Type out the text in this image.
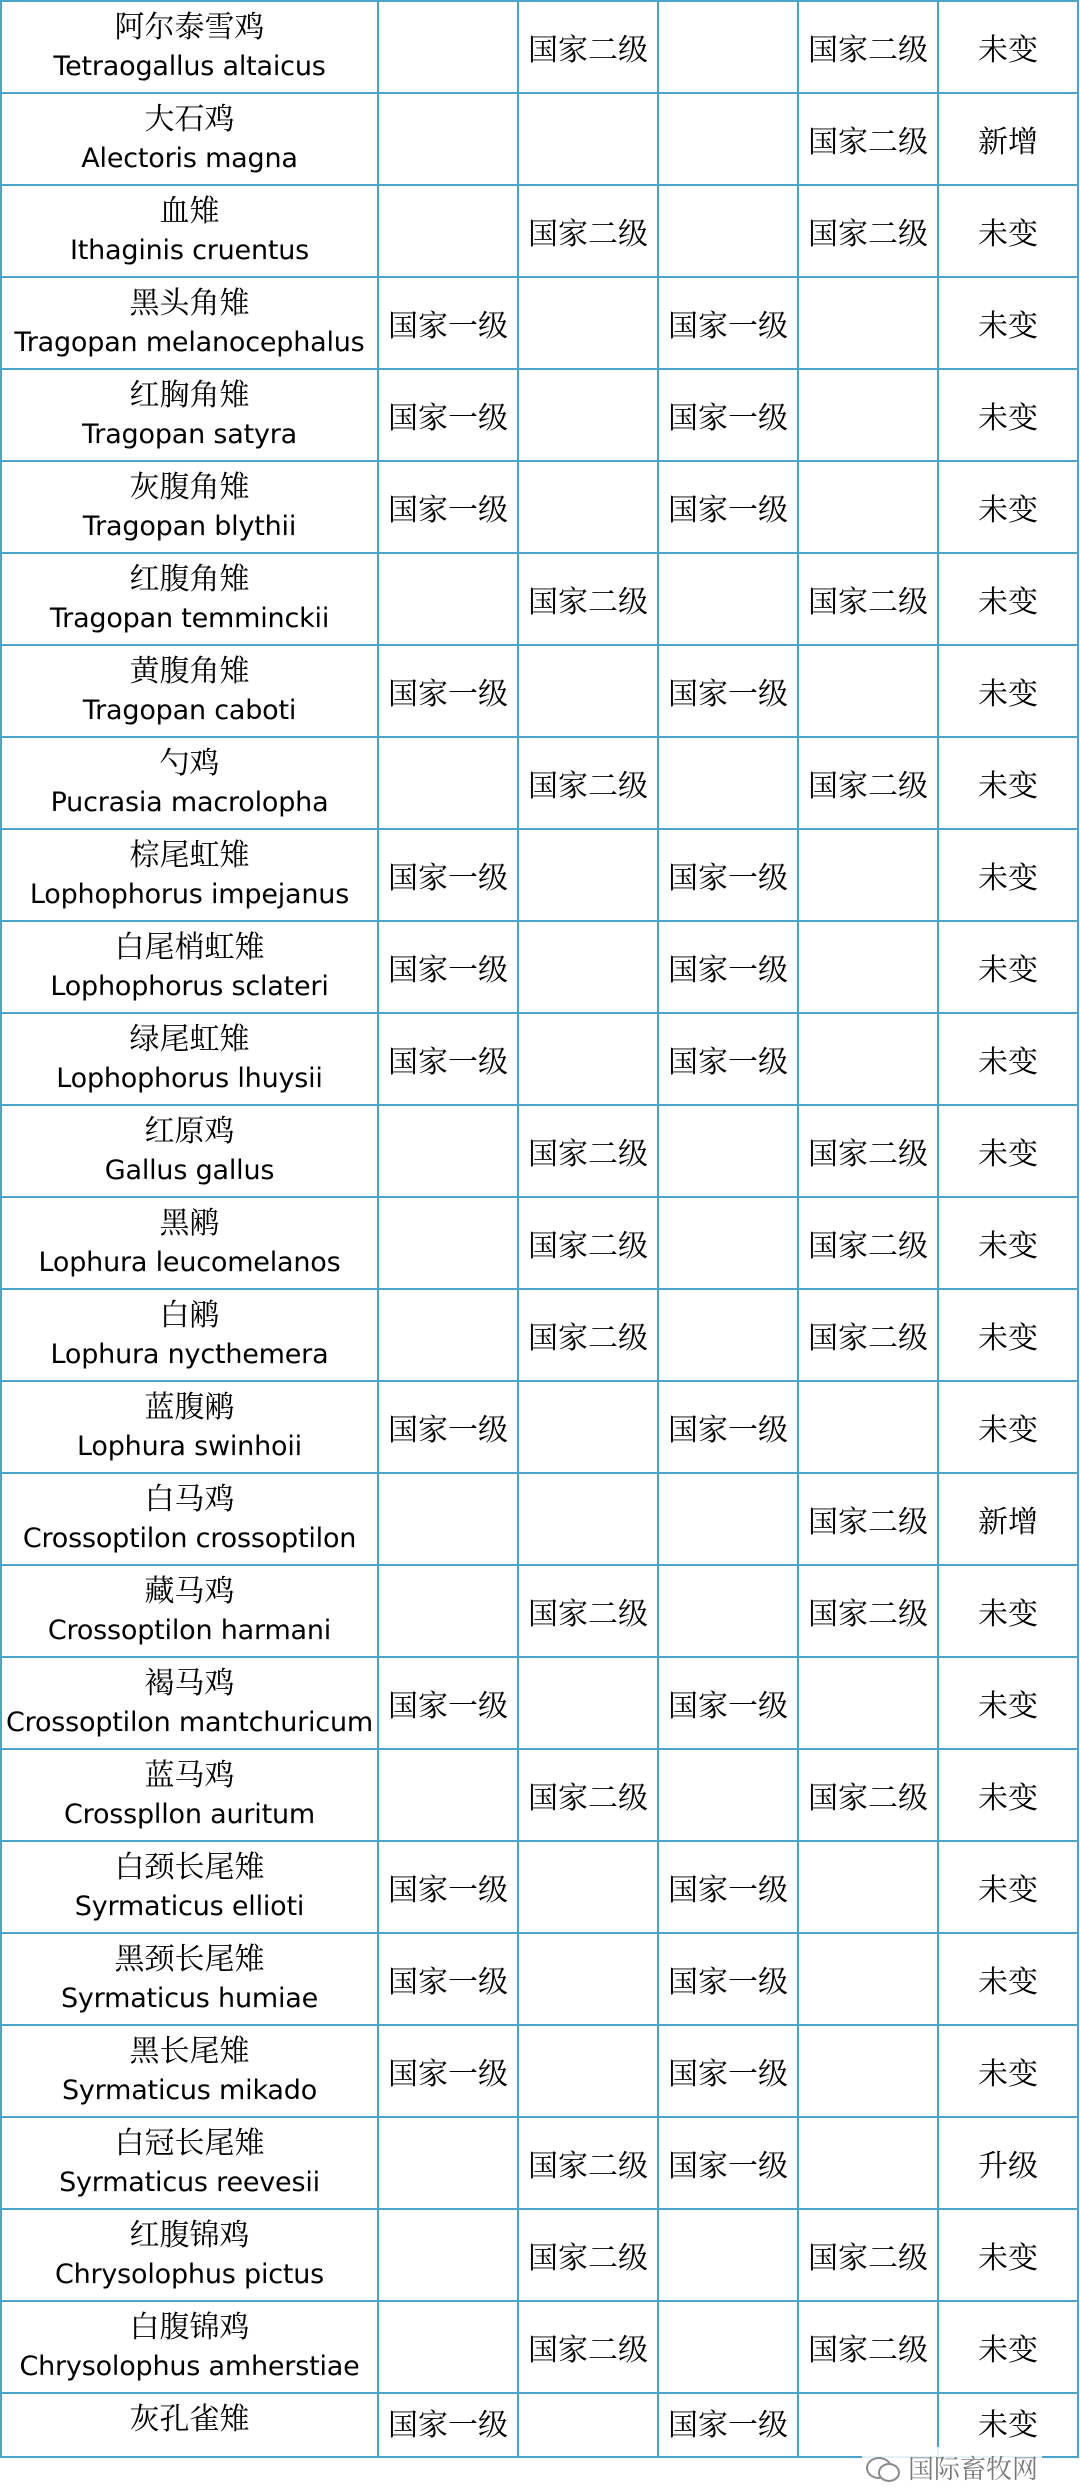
阿尔泰雪鸡
Tetraogallus altaicus		国家二级		国家二级	未变

大石鸡
Alectoris magna				国家二级	新增

血雉
Ithaginis cruentus		国家二级		国家二级	未变

黑头角雉
Tragopan melanocephalus	国家一级		国家一级		未变

红胸角雉
Tragopan satyra	国家一级		国家一级		未变

灰腹角雉
Tragopan blythii	国家一级		国家一级		未变

红腹角雉
Tragopan temminckii		国家二级		国家二级	未变

黄腹角雉
Tragopan caboti	国家一级		国家一级		未变

勺鸡
Pucrasia macrolopha		国家二级		国家二级	未变

棕尾虹雉
Lophophorus impejanus	国家一级		国家一级		未变

白尾梢虹雉
Lophophorus sclateri	国家一级		国家一级		未变

绿尾虹雉
Lophophorus lhuysii	国家一级		国家一级		未变

红原鸡
Gallus gallus		国家二级		国家二级	未变

黑鹇
Lophura leucomelanos		国家二级		国家二级	未变

白鹇
Lophura nycthemera		国家二级		国家二级	未变

蓝腹鹇
Lophura swinhoii	国家一级		国家一级		未变

白马鸡
Crossoptilon crossoptilon				国家二级	新增

藏马鸡
Crossoptilon harmani		国家二级		国家二级	未变

褐马鸡
Crossoptilon mantchuricum	国家一级		国家一级		未变

蓝马鸡
Crosspllon auritum		国家二级		国家二级	未变

白颈长尾雉
Syrmaticus ellioti	国家一级		国家一级		未变

黑颈长尾雉
Syrmaticus humiae	国家一级		国家一级		未变

黑长尾雉
Syrmaticus mikado	国家一级		国家一级		未变

白冠长尾雉
Syrmaticus reevesii		国家二级	国家一级		升级

红腹锦鸡
Chrysolophus pictus		国家二级		国家二级	未变

白腹锦鸡
Chrysolophus amherstiae		国家二级		国家二级	未变

灰孔雀雉	国家一级		国家一级		未变
国际畜牧网
